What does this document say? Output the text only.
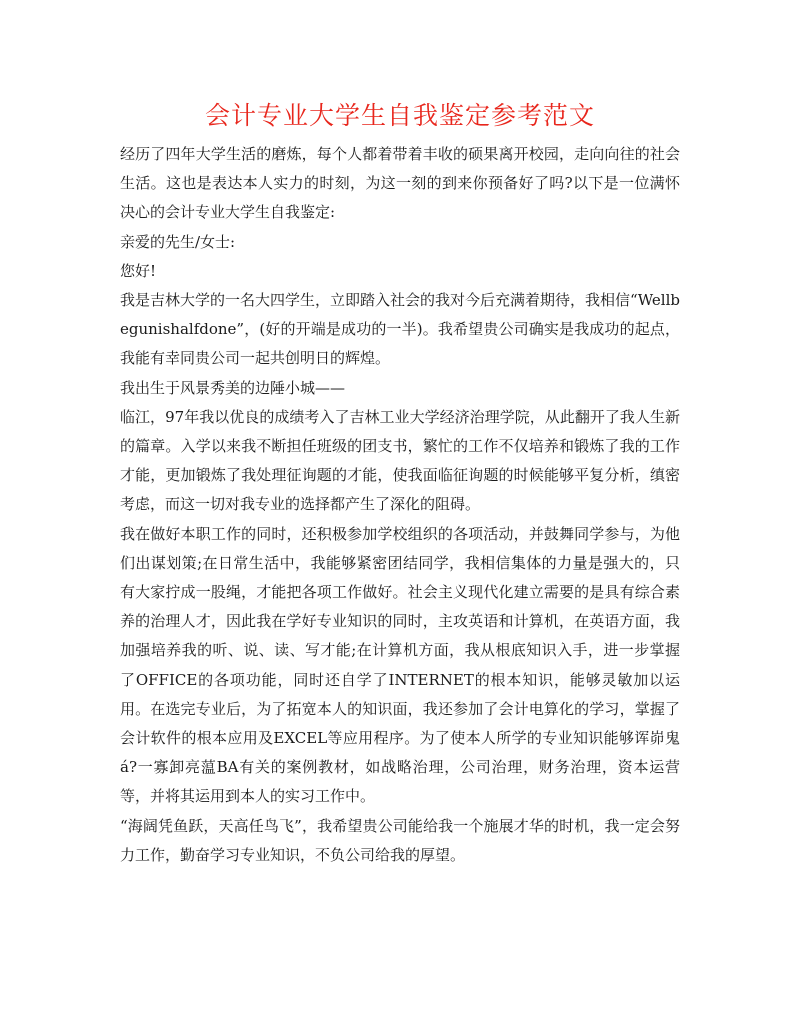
会计专业大学生自我鉴定参考范文

经历了四年大学生活的磨炼，每个人都着带着丰收的硕果离开校园，走向向往的社会生活。这也是表达本人实力的时刻，为这一刻的到来你预备好了吗?以下是一位满怀决心的会计专业大学生自我鉴定:

亲爱的先生/女士:

您好!

我是吉林大学的一名大四学生，立即踏入社会的我对今后充满着期待，我相信“Wellbegunishalfdone”，(好的开端是成功的一半)。我希望贵公司确实是我成功的起点，我能有幸同贵公司一起共创明日的辉煌。

我出生于风景秀美的边陲小城——

临江，97年我以优良的成绩考入了吉林工业大学经济治理学院，从此翻开了我人生新的篇章。入学以来我不断担任班级的团支书，繁忙的工作不仅培养和锻炼了我的工作才能，更加锻炼了我处理征询题的才能，使我面临征询题的时候能够平复分析，缜密考虑，而这一切对我专业的选择都产生了深化的阻碍。

我在做好本职工作的同时，还积极参加学校组织的各项活动，并鼓舞同学参与，为他们出谋划策;在日常生活中，我能够紧密团结同学，我相信集体的力量是强大的，只有大家拧成一股绳，才能把各项工作做好。社会主义现代化建立需要的是具有综合素养的治理人才，因此我在学好专业知识的同时，主攻英语和计算机，在英语方面，我加强培养我的听、说、读、写才能;在计算机方面，我从根底知识入手，进一步掌握了OFFICE的各项功能，同时还自学了INTERNET的根本知识，能够灵敏加以运用。在选完专业后，为了拓宽本人的知识面，我还参加了会计电算化的学习，掌握了会计软件的根本应用及EXCEL等应用程序。为了使本人所学的专业知识能够诨峁鬼á?一寡卸亮蕰BA有关的案例教材，如战略治理，公司治理，财务治理，资本运营等，并将其运用到本人的实习工作中。

“海阔凭鱼跃，天高任鸟飞”，我希望贵公司能给我一个施展才华的时机，我一定会努力工作，勤奋学习专业知识，不负公司给我的厚望。
